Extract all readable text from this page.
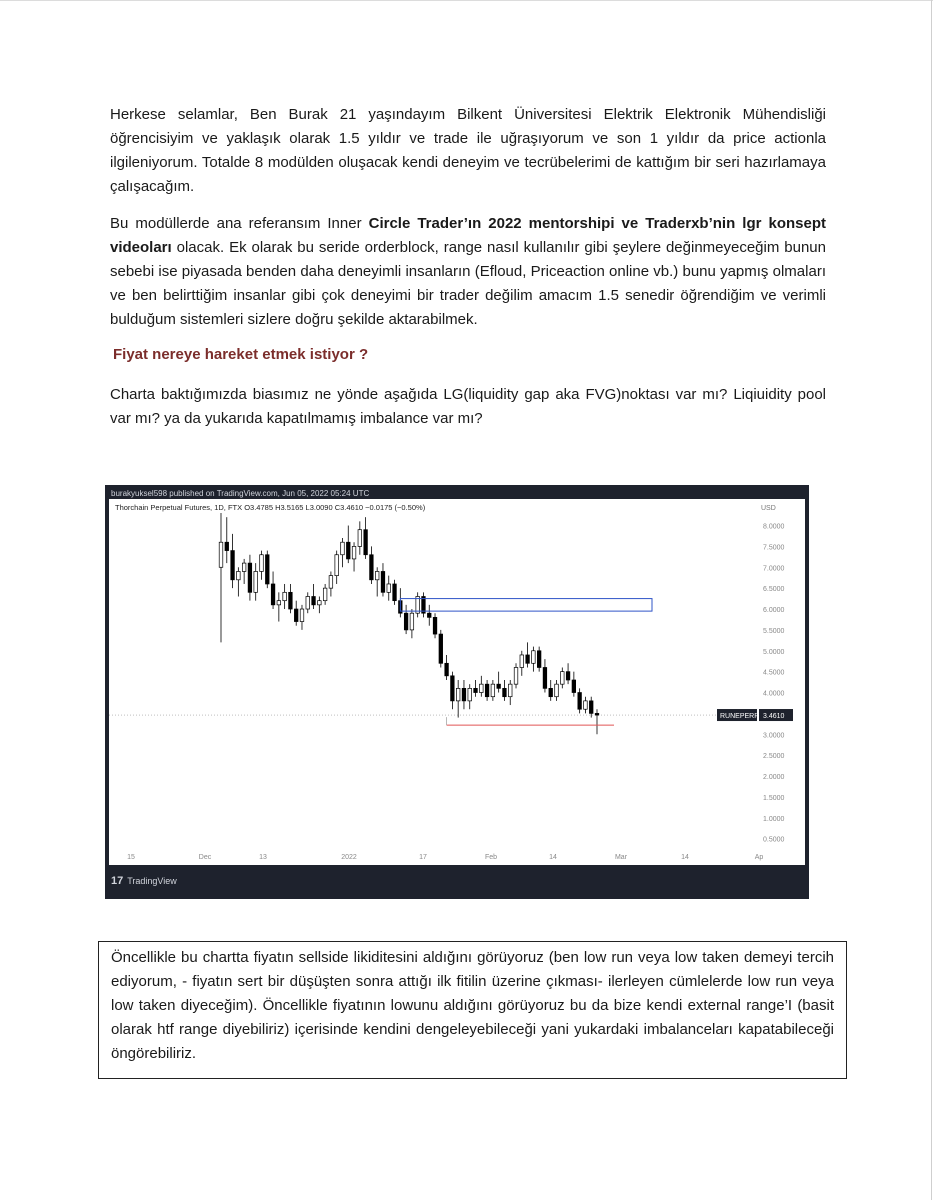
Herkese selamlar, Ben Burak 21 yaşındayım Bilkent Üniversitesi Elektrik Elektronik Mühendisliği öğrencisiyim ve yaklaşık olarak 1.5 yıldır ve trade ile uğraşıyorum ve son 1 yıldır da price actionla ilgileniyorum. Totalde 8 modülden oluşacak kendi deneyim ve tecrübelerimi de kattığım bir seri hazırlamaya çalışacağım.

Bu modüllerde ana referansım Inner Circle Trader’ın 2022 mentorshipi ve Traderxb’nin lgr konsept videoları olacak. Ek olarak bu seride orderblock, range nasıl kullanılır gibi şeylere değinmeyeceğim bunun sebebi ise piyasada benden daha deneyimli insanların (Efloud, Priceaction online vb.) bunu yapmış olmaları ve ben belirttiğim insanlar gibi çok deneyimi bir trader değilim amacım 1.5 senedir öğrendiğim ve verimli bulduğum sistemleri sizlere doğru şekilde aktarabilmek.

Fiyat nereye hareket etmek istiyor ?

Charta baktığımızda biasımız ne yönde aşağıda LG(liquidity gap aka FVG)noktası var mı? Liqiuidity pool var mı? ya da yukarıda kapatılmamış imbalance var mı?

burakyuksel598 published on TradingView.com, Jun 05, 2022 05:24 UTC
Thorchain Perpetual Futures, 1D, FTX O3.4785 H3.5165 L3.0090 C3.4610 −0.0175 (−0.50%)	USD
8.0000
7.5000
7.0000
6.5000
6.0000
5.5000
5.0000
4.5000
4.0000
3.0000
2.5000
2.0000
1.5000
1.0000
0.5000
15	Dec	13	2022	17	Feb	14	Mar	14	Ap
RUNEPERP 3.4610
17 TradingView

Öncellikle bu chartta fiyatın sellside likiditesini aldığını görüyoruz (ben low run veya low taken demeyi tercih ediyorum, - fiyatın sert bir düşüşten sonra attığı ilk fitilin üzerine çıkması- ilerleyen cümlelerde low run veya low taken diyeceğim). Öncellikle fiyatının lowunu aldığını görüyoruz bu da bize kendi external range’I (basit olarak htf range diyebiliriz) içerisinde kendini dengeleyebileceği yani yukardaki imbalanceları kapatabileceği öngörebiliriz.
